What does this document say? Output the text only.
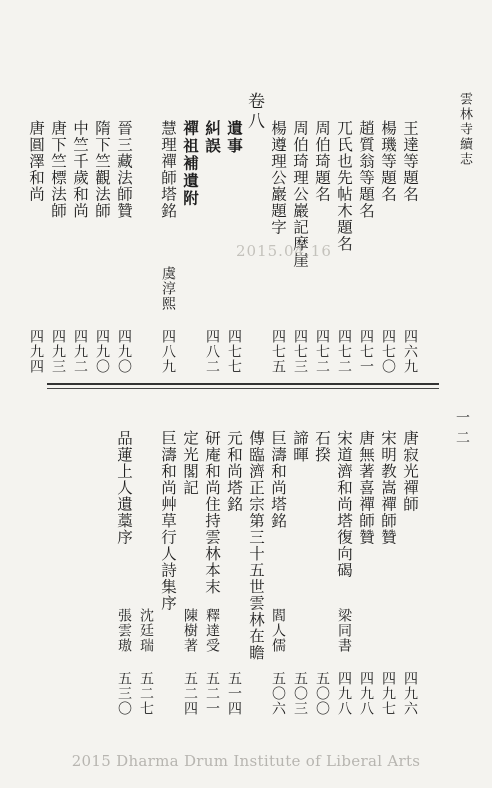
雲林寺續志
一二
卷八
王達等題名
四六九
楊璣等題名
四七〇
趙質翁等題名
四七一
兀氏也先帖木題名
四七二
周伯琦題名
四七二
周伯琦理公巖記摩崖
四七三
楊遵理公巖題字
四七五
遺事
四七七
糾誤
四八二
禪祖補遺附
慧理禪師塔銘
虞淳熙
四八九
晉三藏法師贊
四九〇
隋下竺觀法師
四九〇
中竺千歲和尚
四九二
唐下竺標法師
四九三
唐圓澤和尚
四九四
唐寂光禪師
四九六
宋明教嵩禪師贊
四九七
唐無著喜禪師贊
四九八
宋道濟和尚塔復向碣
梁同書
四九八
石揆
五〇〇
諦暉
五〇三
巨濤和尚塔銘
閻人儒
五〇六
傳臨濟正宗第三十五世雲林在瞻
元和尚塔銘
五一四
研庵和尚住持雲林本末
釋達受
五二一
定光閣記
陳樹著
五二四
巨濤和尚艸草行人詩集序
沈廷瑞
五二七
品蓮上人遺藁序
張雲璈
五三〇
2015.04.16
2015 Dharma Drum Institute of Liberal Arts
